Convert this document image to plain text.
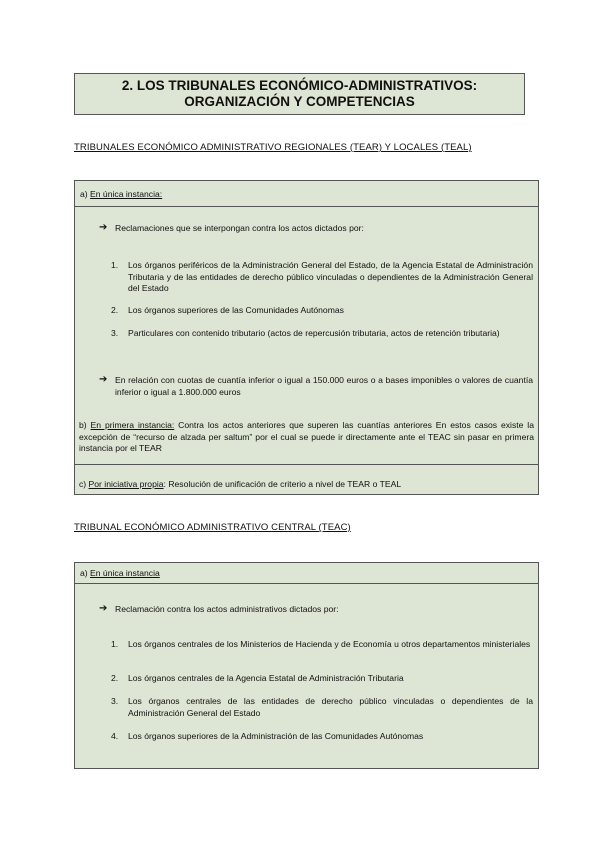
2. LOS TRIBUNALES ECONÓMICO-ADMINISTRATIVOS:
ORGANIZACIÓN Y COMPETENCIAS
TRIBUNALES ECONÓMICO ADMINISTRATIVO REGIONALES (TEAR) Y LOCALES (TEAL)
a) En única instancia:
➔ Reclamaciones que se interpongan contra los actos dictados por:
1. Los órganos periféricos de la Administración General del Estado, de la Agencia Estatal de Administración Tributaria y de las entidades de derecho público vinculadas o dependientes de la Administración General del Estado
2. Los órganos superiores de las Comunidades Autónomas
3. Particulares con contenido tributario (actos de repercusión tributaria, actos de retención tributaria)
➔ En relación con cuotas de cuantía inferior o igual a 150.000 euros o a bases imponibles o valores de cuantía inferior o igual a 1.800.000 euros
b) En primera instancia: Contra los actos anteriores que superen las cuantías anteriores En estos casos existe la excepción de “recurso de alzada per saltum” por el cual se puede ir directamente ante el TEAC sin pasar en primera instancia por el TEAR
c) Por iniciativa propia: Resolución de unificación de criterio a nivel de TEAR o TEAL
TRIBUNAL ECONÓMICO ADMINISTRATIVO CENTRAL (TEAC)
a) En única instancia
➔ Reclamación contra los actos administrativos dictados por:
1. Los órganos centrales de los Ministerios de Hacienda y de Economía u otros departamentos ministeriales
2. Los órganos centrales de la Agencia Estatal de Administración Tributaria
3. Los órganos centrales de las entidades de derecho público vinculadas o dependientes de la Administración General del Estado
4. Los órganos superiores de la Administración de las Comunidades Autónomas
